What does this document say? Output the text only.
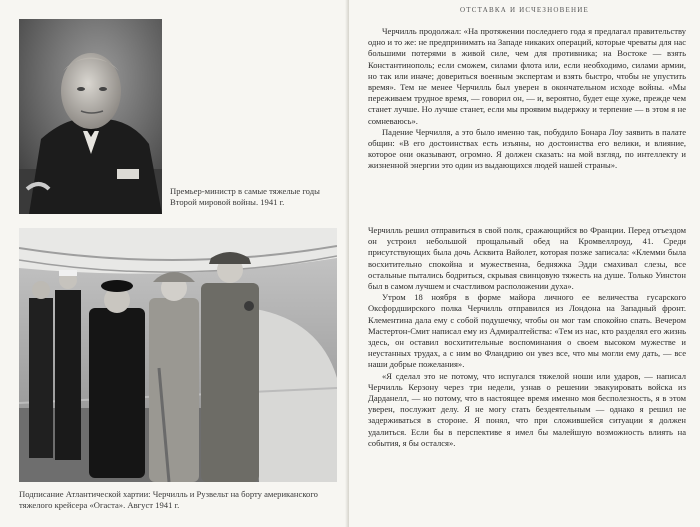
Премьер-министр в самые тяжелые годы Второй мировой войны. 1941 г.
Подписание Атлантической хартии: Черчилль и Рузвельт на борту американского тяжелого крейсера «Огаста». Август 1941 г.
ОТСТАВКА И ИСЧЕЗНОВЕНИЕ

Черчилль продолжал: «На протяжении последнего года я предлагал правительству одно и то же: не предпринимать на Западе никаких операций, которые чреваты для нас большими потерями в живой силе, чем для противника; на Востоке — взять Константинополь; если сможем, силами флота или, если необходимо, силами армии, но так или иначе; довериться военным экспертам и взять быстро, чтобы не упустить время». Тем не менее Черчилль был уверен в окончательном исходе войны. «Мы переживаем трудное время, — говорил он, — и, вероятно, будет еще хуже, прежде чем станет лучше. Но лучше станет, если мы проявим выдержку и терпение — в этом я не сомневаюсь».

Падение Черчилля, а это было именно так, побудило Бонара Лоу заявить в палате общин: «В его достоинствах есть изъяны, но достоинства его велики, и влияние, которое они оказывают, огромно. Я должен сказать: на мой взгляд, по интеллекту и жизненной энергии это один из выдающихся людей нашей страны».

Черчилль решил отправиться в свой полк, сражающийся во Франции. Перед отъездом он устроил небольшой прощальный обед на Кромвеллроуд, 41. Среди присутствующих была дочь Асквита Вайолет, которая позже записала: «Клемми была восхитительно спокойна и мужественна, бедняжка Эдди смахивал слезы, все остальные пытались бодриться, скрывая свинцовую тяжесть на душе. Только Уинстон был в самом лучшем и счастливом расположении духа».

Утром 18 ноября в форме майора личного ее величества гусарского Оксфордширского полка Черчилль отправился из Лондона на Западный фронт. Клементина дала ему с собой подушечку, чтобы он мог там спокойно спать. Вечером Мастертон-Смит написал ему из Адмиралтейства: «Тем из нас, кто разделял его жизнь здесь, он оставил восхитительные воспоминания о своем высоком мужестве и неустанных трудах, а с ним во Фландрию он увез все, что мы могли ему дать, — все наши добрые пожелания».

«Я сделал это не потому, что испугался тяжелой ноши или ударов, — написал Черчилль Керзону через три недели, узнав о решении эвакуировать войска из Дарданелл, — но потому, что в настоящее время именно моя бесполезность, я в этом уверен, послужит делу. Я не могу стать бездеятельным — однако я решил не задерживаться в стороне. Я понял, что при сложившейся ситуации я должен удалиться. Если бы в перспективе я имел бы малейшую возможность влиять на события, я бы остался».
